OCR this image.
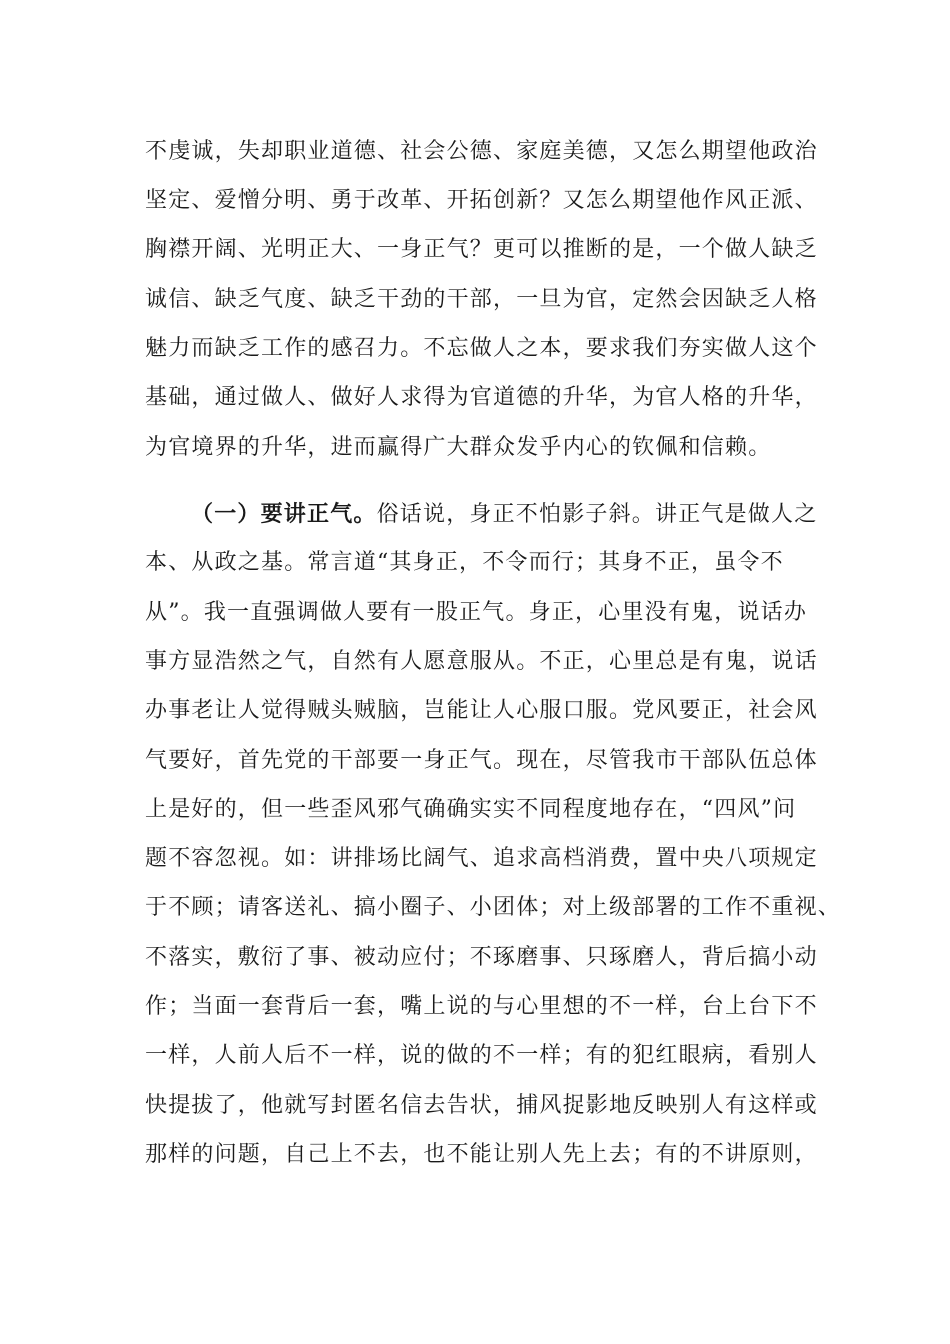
不虔诚，失却职业道德、社会公德、家庭美德，又怎么期望他政治
坚定、爱憎分明、勇于改革、开拓创新？又怎么期望他作风正派、
胸襟开阔、光明正大、一身正气？更可以推断的是，一个做人缺乏
诚信、缺乏气度、缺乏干劲的干部，一旦为官，定然会因缺乏人格
魅力而缺乏工作的感召力。不忘做人之本，要求我们夯实做人这个
基础，通过做人、做好人求得为官道德的升华，为官人格的升华，
为官境界的升华，进而赢得广大群众发乎内心的钦佩和信赖。
（一）要讲正气。俗话说，身正不怕影子斜。讲正气是做人之
本、从政之基。常言道“其身正，不令而行；其身不正，虽令不
从”。我一直强调做人要有一股正气。身正，心里没有鬼，说话办
事方显浩然之气，自然有人愿意服从。不正，心里总是有鬼，说话
办事老让人觉得贼头贼脑，岂能让人心服口服。党风要正，社会风
气要好，首先党的干部要一身正气。现在，尽管我市干部队伍总体
上是好的，但一些歪风邪气确确实实不同程度地存在，“四风”问
题不容忽视。如：讲排场比阔气、追求高档消费，置中央八项规定
于不顾；请客送礼、搞小圈子、小团体；对上级部署的工作不重视、
不落实，敷衍了事、被动应付；不琢磨事、只琢磨人，背后搞小动
作；当面一套背后一套，嘴上说的与心里想的不一样，台上台下不
一样，人前人后不一样，说的做的不一样；有的犯红眼病，看别人
快提拔了，他就写封匿名信去告状，捕风捉影地反映别人有这样或
那样的问题，自己上不去，也不能让别人先上去；有的不讲原则，
